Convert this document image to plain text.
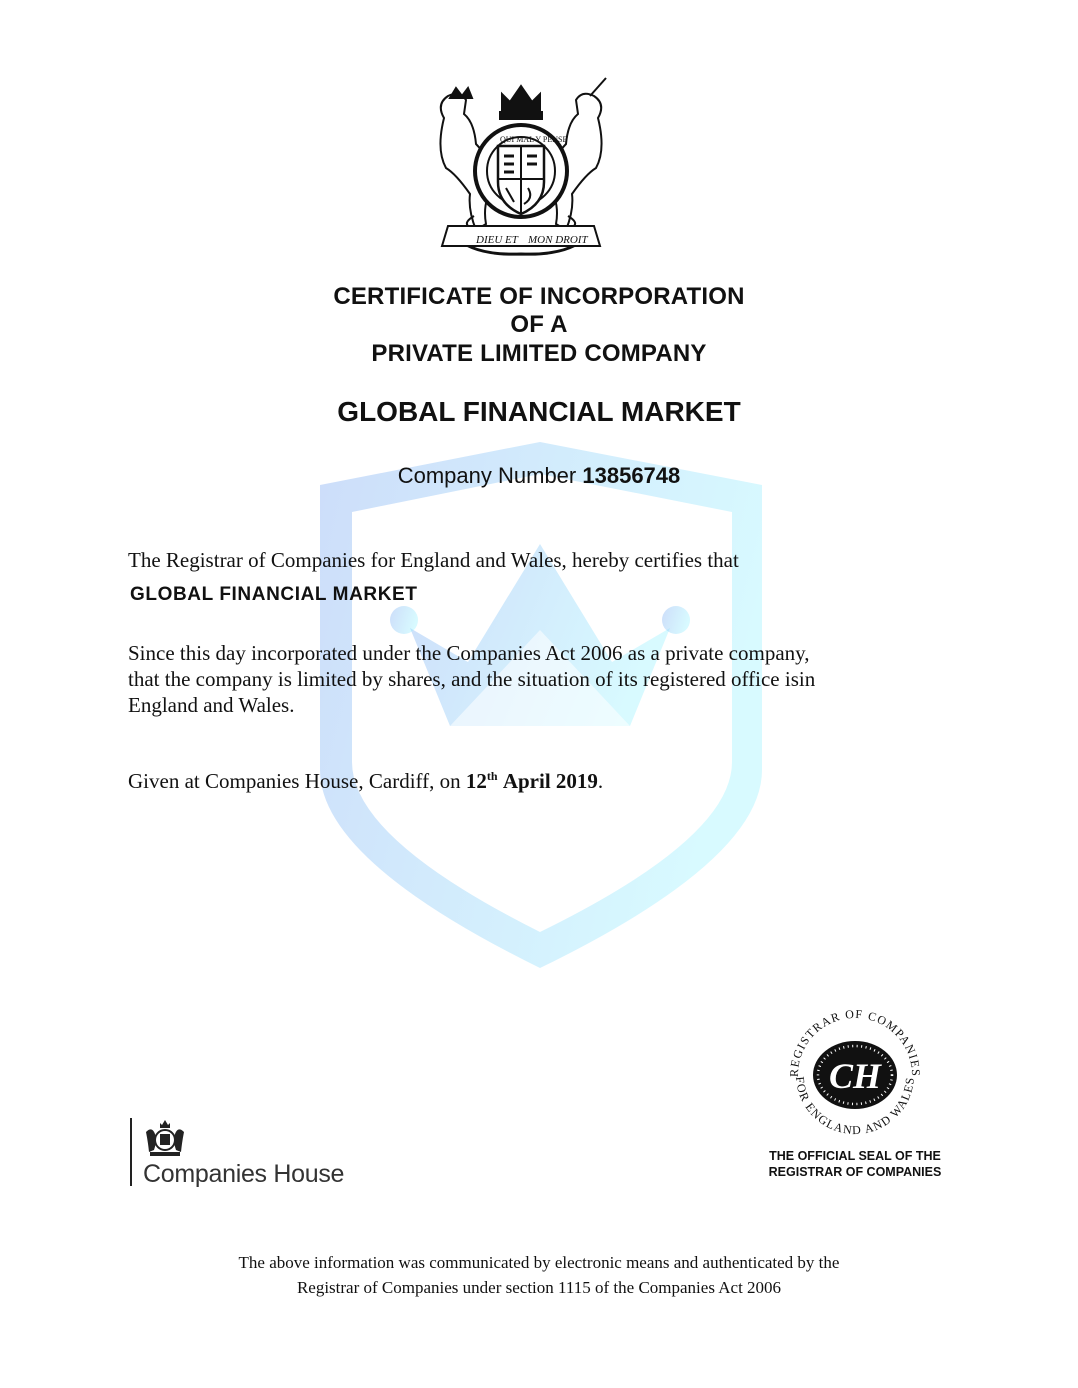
DIEU ET MON DROIT
QUI MAL Y PENSE
CERTIFICATE OF INCORPORATION
OF A
PRIVATE LIMITED COMPANY
GLOBAL FINANCIAL MARKET
Company Number 13856748
The Registrar of Companies for England and Wales, hereby certifies that
GLOBAL FINANCIAL MARKET
Since this day incorporated under the Companies Act 2006 as a private company,
that the company is limited by shares, and the situation of its registered office isin
England and Wales.
Given at Companies House, Cardiff, on 12th April 2019.
Companies House
REGISTRAR OF COMPANIES
FOR ENGLAND AND WALES
CH
THE OFFICIAL SEAL OF THE
REGISTRAR OF COMPANIES
The above information was communicated by electronic means and authenticated by the
Registrar of Companies under section 1115 of the Companies Act 2006
